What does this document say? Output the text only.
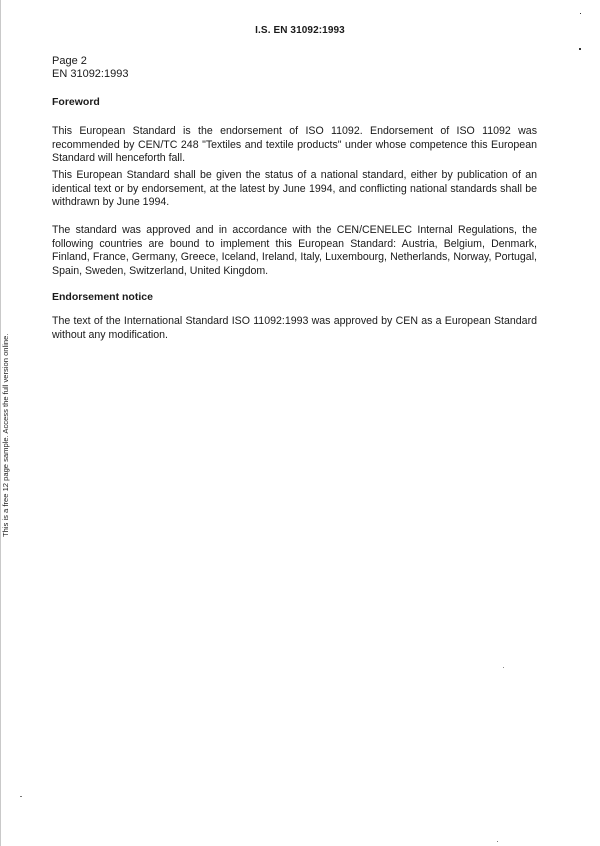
I.S. EN 31092:1993
Page 2
EN 31092:1993
Foreword

This European Standard is the endorsement of ISO 11092. Endorsement of ISO 11092 was recommended by CEN/TC 248 "Textiles and textile products" under whose competence this European Standard will henceforth fall.

This European Standard shall be given the status of a national standard, either by publication of an identical text or by endorsement, at the latest by June 1994, and conflicting national standards shall be withdrawn by June 1994.

The standard was approved and in accordance with the CEN/CENELEC Internal Regulations, the following countries are bound to implement this European Standard: Austria, Belgium, Denmark, Finland, France, Germany, Greece, Iceland, Ireland, Italy, Luxembourg, Netherlands, Norway, Portugal, Spain, Sweden, Switzerland, United Kingdom.

Endorsement notice

The text of the International Standard ISO 11092:1993 was approved by CEN as a European Standard without any modification.

This is a free 12 page sample. Access the full version online.
